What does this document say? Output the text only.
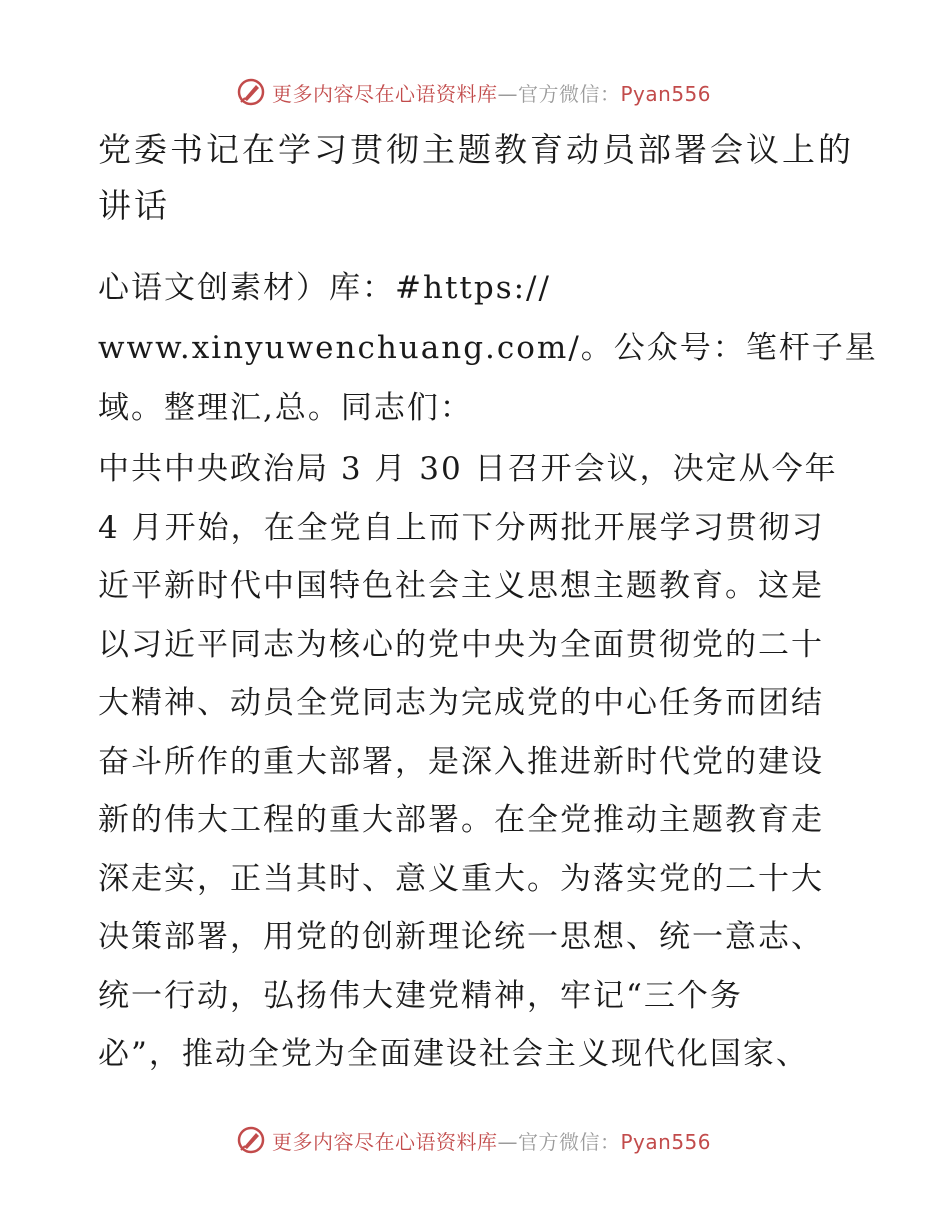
更多内容尽在心语资料库—官方微信：Pyan556
党委书记在学习贯彻主题教育动员部署会议上的
讲话
心语文创素材）库：#https://
www.xinyuwenchuang.com/。公众号：笔杆子星
域。整理汇,总。同志们：
中共中央政治局 3 月 30 日召开会议，决定从今年
4 月开始，在全党自上而下分两批开展学习贯彻习
近平新时代中国特色社会主义思想主题教育。这是
以习近平同志为核心的党中央为全面贯彻党的二十
大精神、动员全党同志为完成党的中心任务而团结
奋斗所作的重大部署，是深入推进新时代党的建设
新的伟大工程的重大部署。在全党推动主题教育走
深走实，正当其时、意义重大。为落实党的二十大
决策部署，用党的创新理论统一思想、统一意志、
统一行动，弘扬伟大建党精神，牢记“三个务
必”，推动全党为全面建设社会主义现代化国家、
更多内容尽在心语资料库—官方微信：Pyan556
